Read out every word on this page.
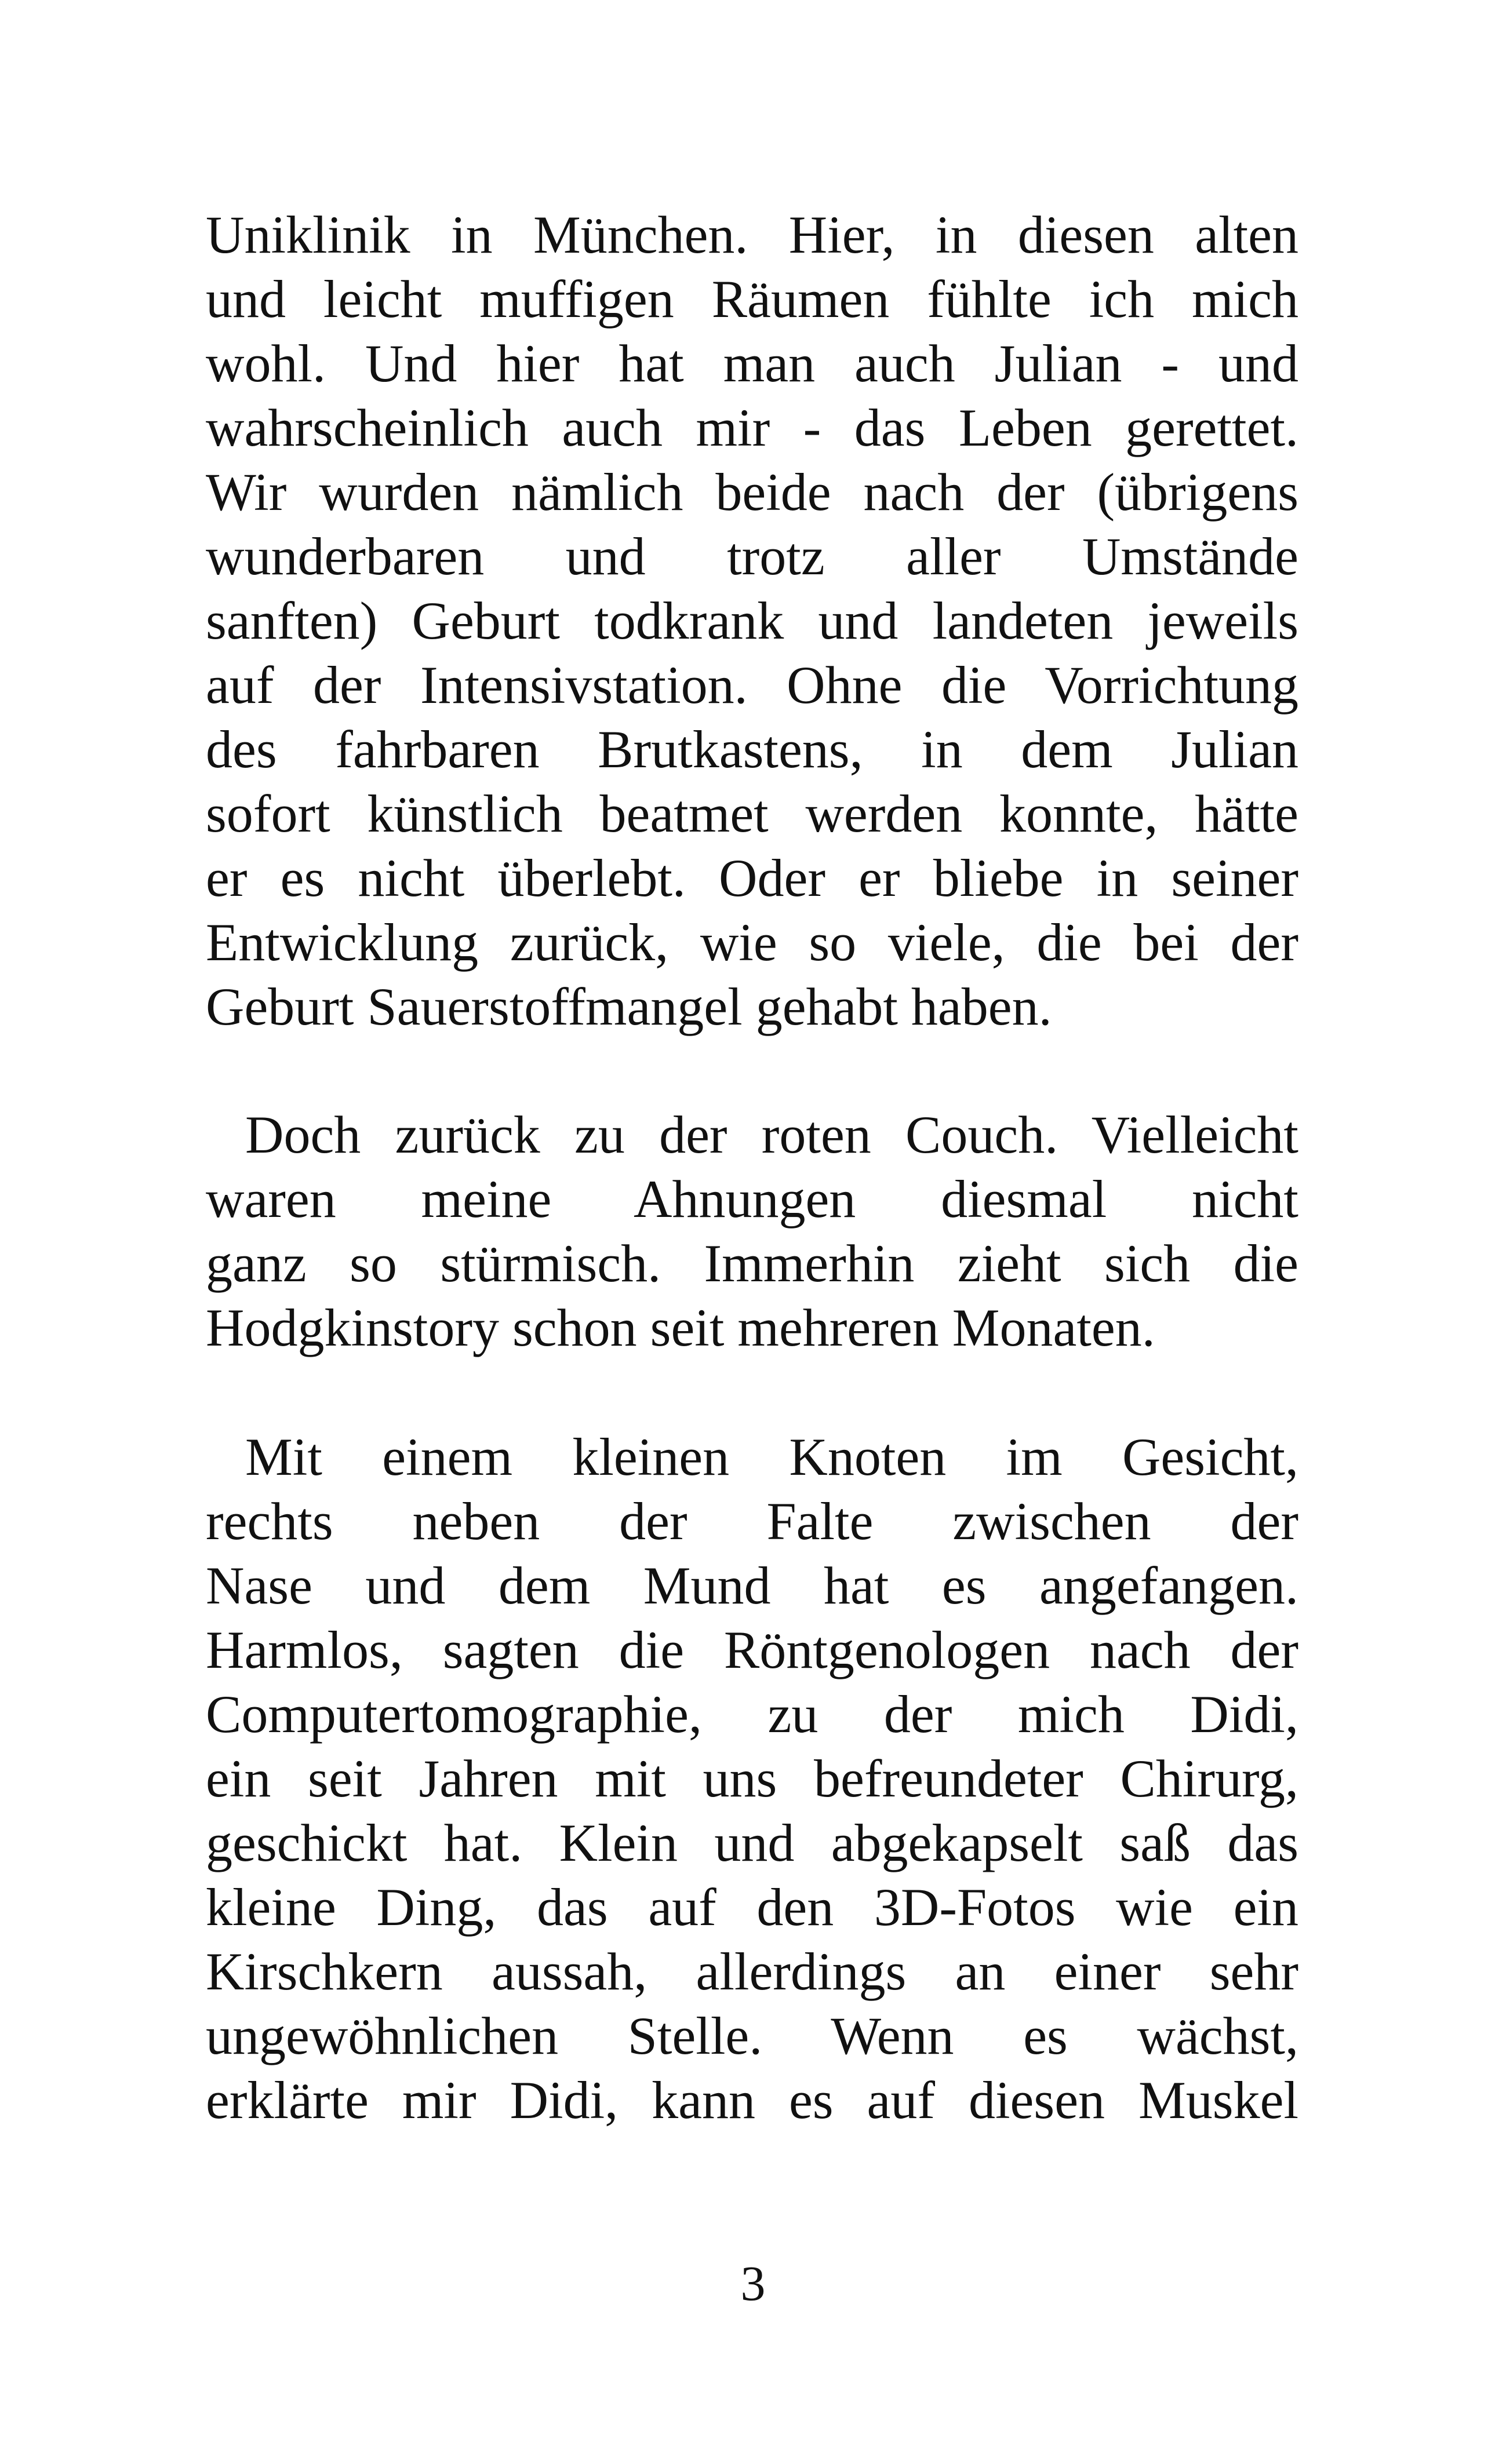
Uniklinik in München. Hier, in diesen alten
und leicht muffigen Räumen fühlte ich mich
wohl. Und hier hat man auch Julian - und
wahrscheinlich auch mir - das Leben gerettet.
Wir wurden nämlich beide nach der (übrigens
wunderbaren und trotz aller Umstände
sanften) Geburt todkrank und landeten jeweils
auf der Intensivstation. Ohne die Vorrichtung
des fahrbaren Brutkastens, in dem Julian
sofort künstlich beatmet werden konnte, hätte
er es nicht überlebt. Oder er bliebe in seiner
Entwicklung zurück, wie so viele, die bei der
Geburt Sauerstoffmangel gehabt haben.
Doch zurück zu der roten Couch. Vielleicht
waren meine Ahnungen diesmal nicht
ganz so stürmisch. Immerhin zieht sich die
Hodgkinstory schon seit mehreren Monaten.
Mit einem kleinen Knoten im Gesicht,
rechts neben der Falte zwischen der
Nase und dem Mund hat es angefangen.
Harmlos, sagten die Röntgenologen nach der
Computertomographie, zu der mich Didi,
ein seit Jahren mit uns befreundeter Chirurg,
geschickt hat. Klein und abgekapselt saß das
kleine Ding, das auf den 3D-Fotos wie ein
Kirschkern aussah, allerdings an einer sehr
ungewöhnlichen Stelle. Wenn es wächst,
erklärte mir Didi, kann es auf diesen Muskel
3
